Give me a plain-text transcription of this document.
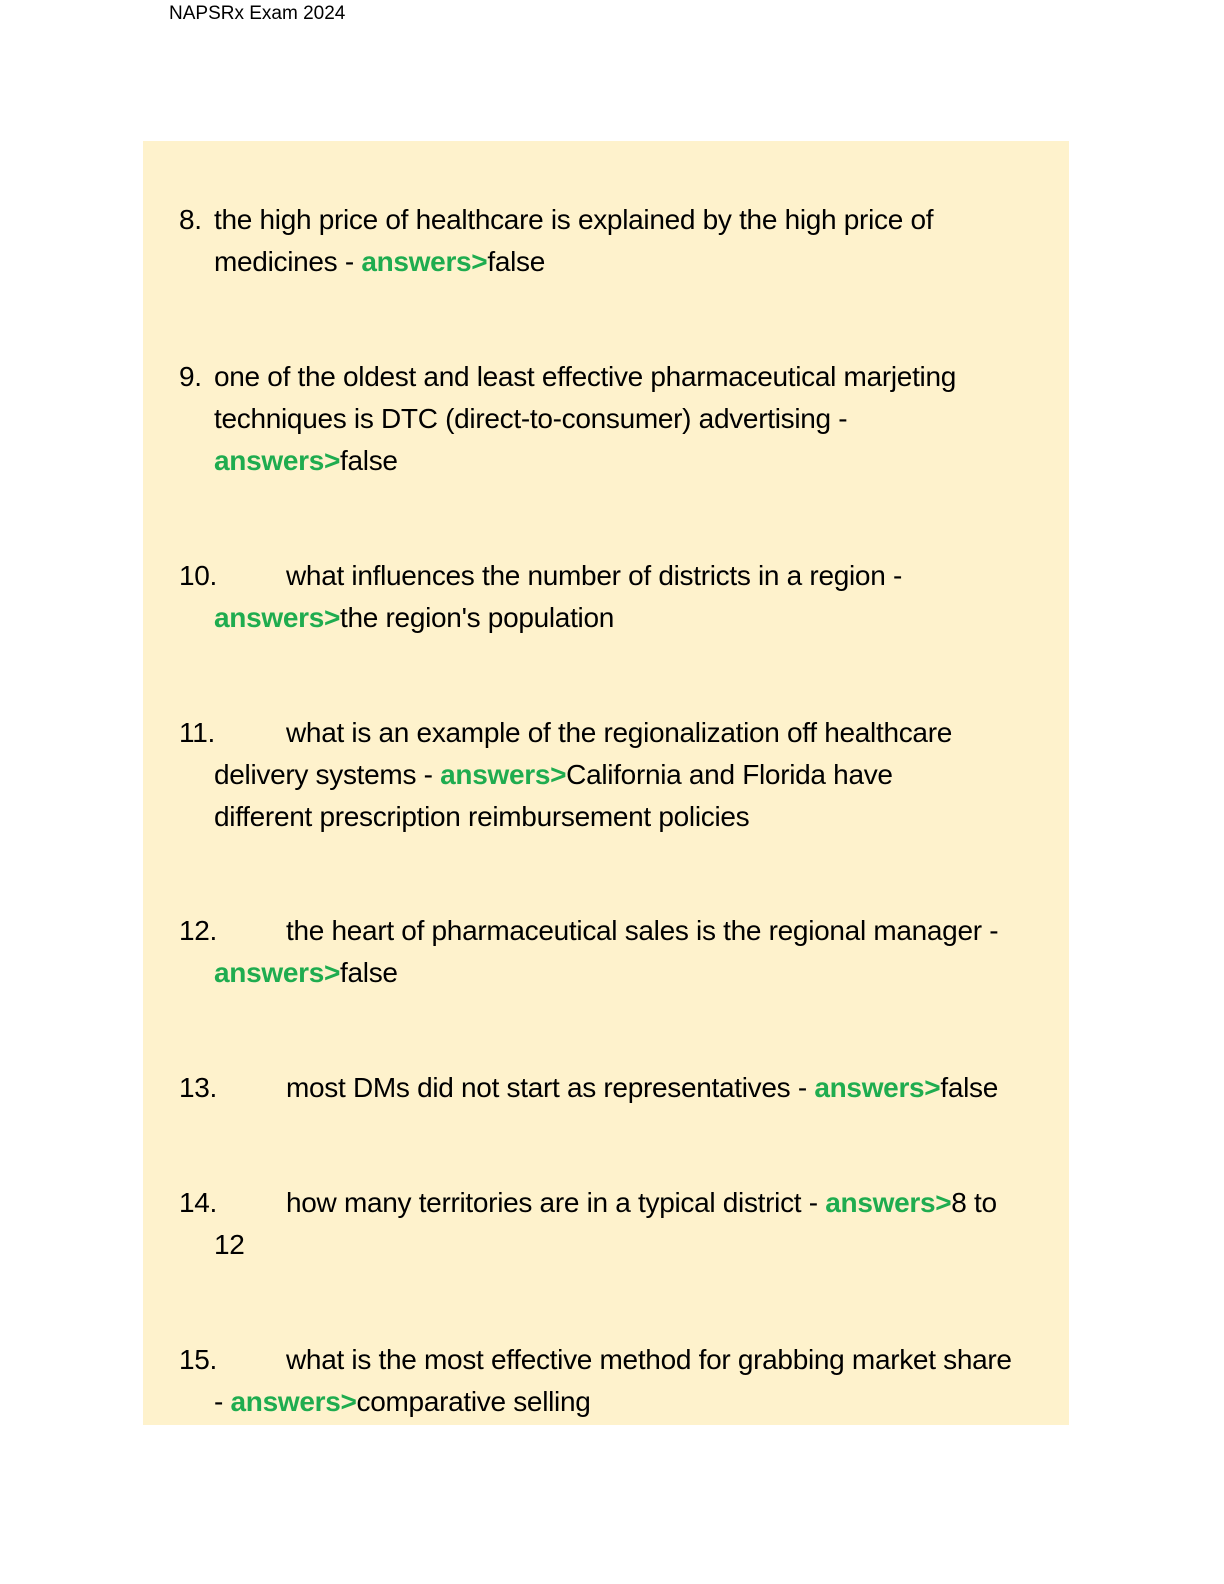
NAPSRx Exam 2024
8. the high price of healthcare is explained by the high price of
medicines - answers>false
9. one of the oldest and least effective pharmaceutical marjeting
techniques is DTC (direct-to-consumer) advertising -
answers>false
10. what influences the number of districts in a region -
answers>the region's population
11.	what is an example of the regionalization off healthcare
delivery systems - answers>California and Florida have
different prescription reimbursement policies
12. the heart of pharmaceutical sales is the regional manager -
answers>false
13. most DMs did not start as representatives - answers>false
14. how many territories are in a typical district - answers>8 to
12
15. what is the most effective method for grabbing market share
- answers>comparative selling
